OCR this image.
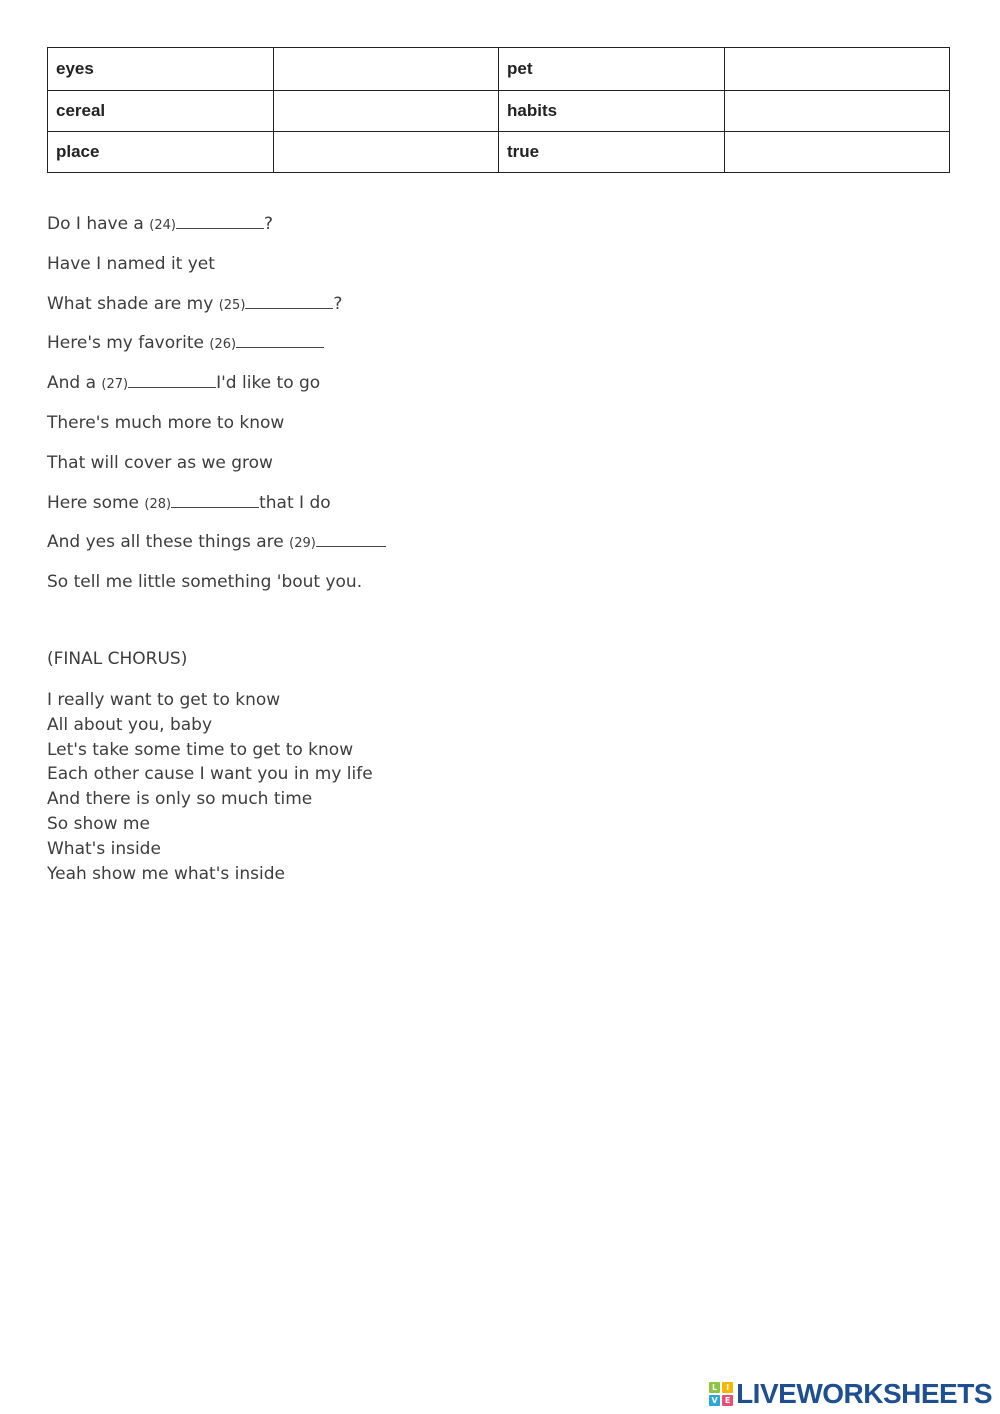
eyes		pet	
cereal		habits	
place		true	
Do I have a (24)	?
Have I named it yet
What shade are my (25)	?
Here's my favorite (26)
And a (27)	I'd like to go
There's much more to know
That will cover as we grow
Here some (28)	that I do
And yes all these things are (29)
So tell me little something 'bout you.

(FINAL CHORUS)

I really want to get to know
All about you, baby
Let's take some time to get to know
Each other cause I want you in my life
And there is only so much time
So show me
What's inside
Yeah show me what's inside
L	I
V E LIVEWORKSHEETS
